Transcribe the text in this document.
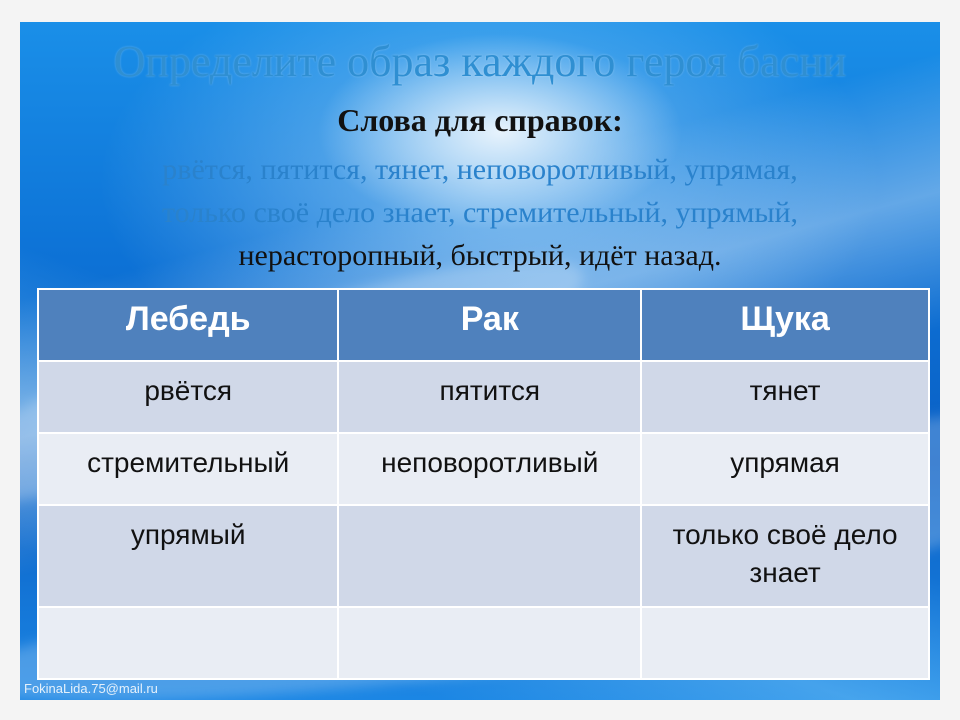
Определите образ каждого героя басни

Слова для справок:

рвётся, пятится, тянет, неповоротливый, упрямая,
только своё дело знает, стремительный, упрямый,
нерасторопный, быстрый, идёт назад.

Лебедь	Рак	Щука
рвётся	пятится	тянет
стремительный	неповоротливый	упрямая
упрямый		только своё дело знает

FokinaLida.75@mail.ru
